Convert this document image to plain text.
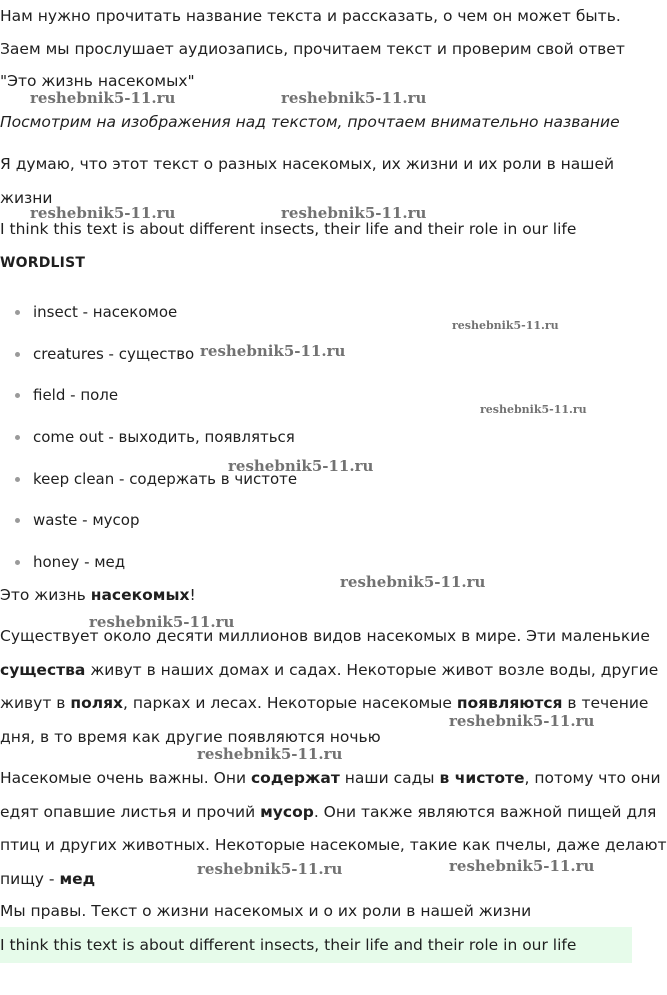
Нам нужно прочитать название текста и рассказать, о чем он может быть.
Заем мы прослушает аудиозапись, прочитаем текст и проверим свой ответ
"Это жизнь насекомых"
Посмотрим на изображения над текстом, прочтаем внимательно название
Я думаю, что этот текст о разных насекомых, их жизни и их роли в нашей
жизни
I think this text is about different insects, their life and their role in our life
WORDLIST
insect - насекомое
creatures - существо
field - поле
come out - выходить, появляться
keep clean - содержать в чистоте
waste - мусор
honey - мед
Это жизнь насекомых!
Существует около десяти миллионов видов насекомых в мире. Эти маленькие
существа живут в наших домах и садах. Некоторые живот возле воды, другие
живут в полях, парках и лесах. Некоторые насекомые появляются в течение
дня, в то время как другие появляются ночью
Насекомые очень важны. Они содержат наши сады в чистоте, потому что они
едят опавшие листья и прочий мусор. Они также являются важной пищей для
птиц и других животных. Некоторые насекомые, такие как пчелы, даже делают
пищу - мед
Мы правы. Текст о жизни насекомых и о их роли в нашей жизни
I think this text is about different insects, their life and their role in our life
reshebnik5-11.ru	reshebnik5-11.ru
reshebnik5-11.ru	reshebnik5-11.ru
reshebnik5-11.ru
reshebnik5-11.ru
reshebnik5-11.ru
reshebnik5-11.ru
reshebnik5-11.ru
reshebnik5-11.ru
reshebnik5-11.ru
reshebnik5-11.ru
reshebnik5-11.ru	reshebnik5-11.ru
